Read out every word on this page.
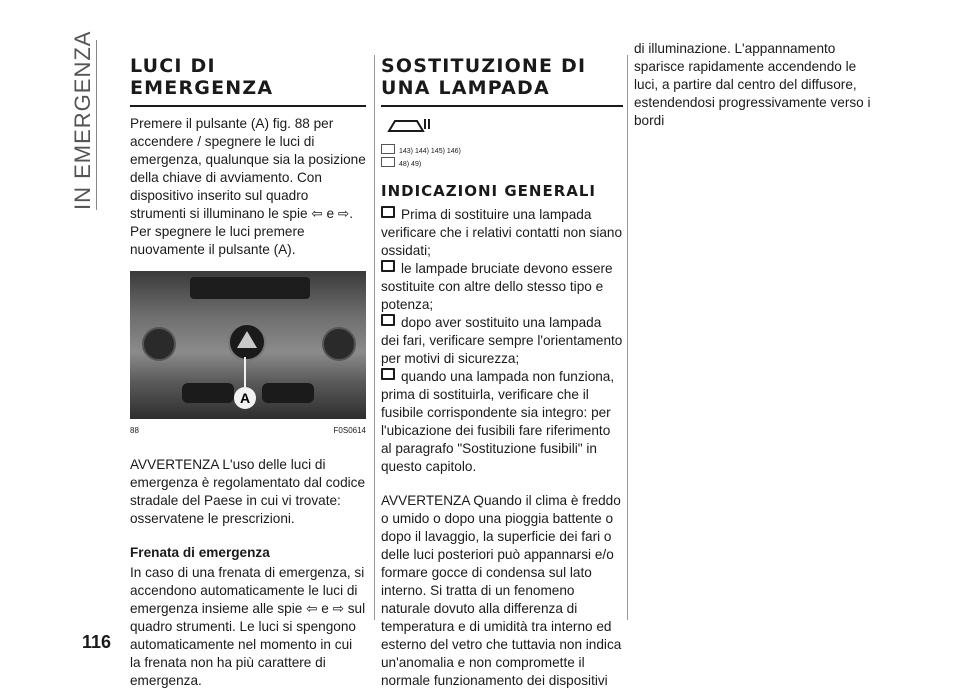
IN EMERGENZA
116
LUCI DI EMERGENZA

Premere il pulsante (A) fig. 88 per accendere / spegnere le luci di emergenza, qualunque sia la posizione della chiave di avviamento. Con dispositivo inserito sul quadro strumenti si illuminano le spie ⇦ e ⇨. Per spegnere le luci premere nuovamente il pulsante (A).

A
88	F0S0614

AVVERTENZA L'uso delle luci di emergenza è regolamentato dal codice stradale del Paese in cui vi trovate: osservatene le prescrizioni.

Frenata di emergenza

In caso di una frenata di emergenza, si accendono automaticamente le luci di emergenza insieme alle spie ⇦ e ⇨ sul quadro strumenti. Le luci si spengono automaticamente nel momento in cui la frenata non ha più carattere di emergenza.

SOSTITUZIONE DI UNA LAMPADA
143) 144) 145) 146)
48) 49)
INDICAZIONI GENERALI
Prima di sostituire una lampada verificare che i relativi contatti non siano ossidati;
le lampade bruciate devono essere sostituite con altre dello stesso tipo e potenza;
dopo aver sostituito una lampada dei fari, verificare sempre l'orientamento per motivi di sicurezza;
quando una lampada non funziona, prima di sostituirla, verificare che il fusibile corrispondente sia integro: per l'ubicazione dei fusibili fare riferimento al paragrafo "Sostituzione fusibili" in questo capitolo.

AVVERTENZA Quando il clima è freddo o umido o dopo una pioggia battente o dopo il lavaggio, la superficie dei fari o delle luci posteriori può appannarsi e/o formare gocce di condensa sul lato interno. Si tratta di un fenomeno naturale dovuto alla differenza di temperatura e di umidità tra interno ed esterno del vetro che tuttavia non indica un'anomalia e non compromette il normale funzionamento dei dispositivi

di illuminazione. L'appannamento sparisce rapidamente accendendo le luci, a partire dal centro del diffusore, estendendosi progressivamente verso i bordi
